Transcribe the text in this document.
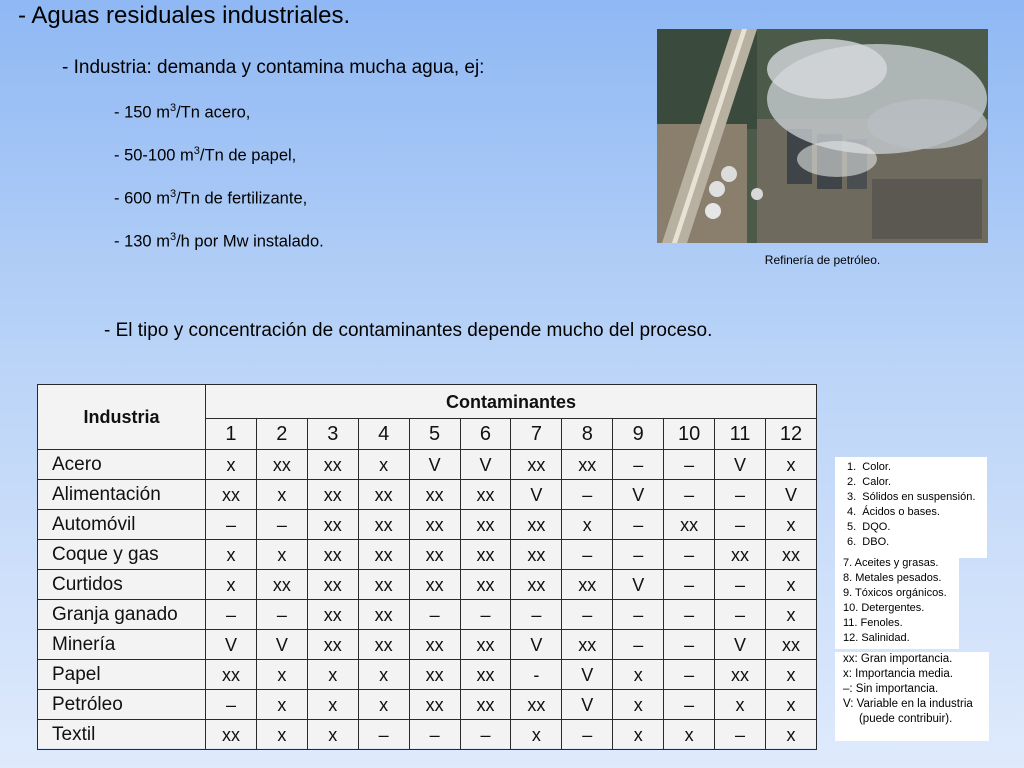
- Aguas residuales industriales.
- Industria: demanda y contamina mucha agua, ej:
- 150 $m^3/Tn$ acero,
- 50-100 $m^3/Tn$ de papel,
- 600 $m^3/Tn$ de fertilizante,
- 130 $m^3/h$ por Mw instalado.
Refinería de petróleo.
- El tipo y concentración de contaminantes depende mucho del proceso.
Industria	Contaminantes											
	1	2	3	4	5	6	7	8	9	10	11	12
Acero	x	xx	xx	x	V	V	xx	xx	–	–	V	x
Alimentación	xx	x	xx	xx	xx	xx	V	–	V	–	–	V
Automóvil	–	–	xx	xx	xx	xx	xx	x	–	xx	–	x
Coque y gas	x	x	xx	xx	xx	xx	xx	–	–	–	xx	xx
Curtidos	x	xx	xx	xx	xx	xx	xx	xx	V	–	–	x
Granja ganado	–	–	xx	xx	–	–	–	–	–	–	–	x
Minería	V	V	xx	xx	xx	xx	V	xx	–	–	V	xx
Papel	xx	x	x	x	xx	xx	-	V	x	–	xx	x
Petróleo	–	x	x	x	xx	xx	xx	V	x	–	x	x
Textil	xx	x	x	–	–	–	x	–	x	x	–	x
1.  Color.
2.  Calor.
3.  Sólidos en suspensión.
4.  Ácidos o bases.
5.  DQO.
6.  DBO.
7. Aceites y grasas.
8. Metales pesados.
9. Tóxicos orgánicos.
10. Detergentes.
11. Fenoles.
12. Salinidad.
xx: Gran importancia.
x: Importancia media.
–: Sin importancia.
V: Variable en la industria
(puede contribuir).
